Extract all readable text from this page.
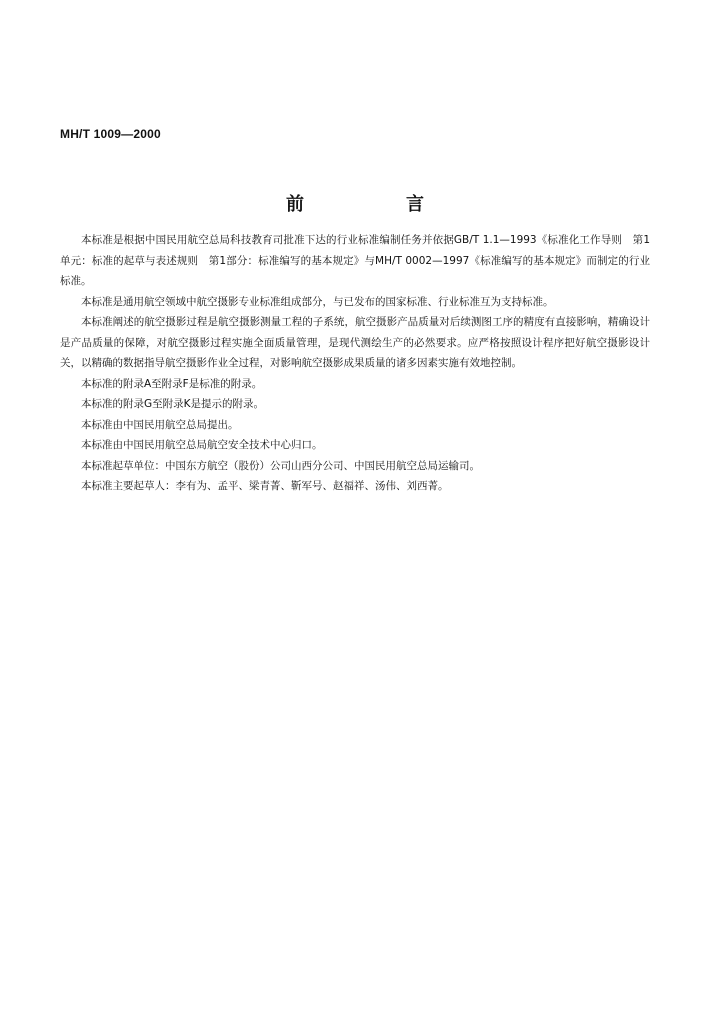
MH/T 1009—2000
前　言

本标准是根据中国民用航空总局科技教育司批准下达的行业标准编制任务并依据GB/T 1.1—1993《标准化工作导则　第1单元：标准的起草与表述规则　第1部分：标准编写的基本规定》与MH/T 0002—1997《标准编写的基本规定》而制定的行业标准。

本标准是通用航空领域中航空摄影专业标准组成部分，与已发布的国家标准、行业标准互为支持标准。

本标准阐述的航空摄影过程是航空摄影测量工程的子系统，航空摄影产品质量对后续测图工序的精度有直接影响，精确设计是产品质量的保障，对航空摄影过程实施全面质量管理，是现代测绘生产的必然要求。应严格按照设计程序把好航空摄影设计关，以精确的数据指导航空摄影作业全过程，对影响航空摄影成果质量的诸多因素实施有效地控制。

本标准的附录A至附录F是标准的附录。

本标准的附录G至附录K是提示的附录。

本标准由中国民用航空总局提出。

本标准由中国民用航空总局航空安全技术中心归口。

本标准起草单位：中国东方航空（股份）公司山西分公司、中国民用航空总局运输司。

本标准主要起草人：李有为、孟平、梁青菁、靳军号、赵福祥、汤伟、刘西菁。
